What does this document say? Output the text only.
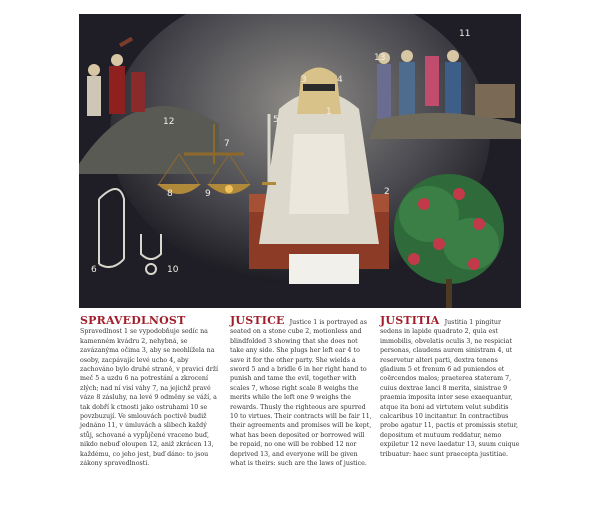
1
2
3	4
5
6
7
8	9
10
11
12
13
SPRAVEDLNOST Spravedlnost 1 se vypodobňuje sedíc na kamenném kvádru 2, nehybná, se zavázanýma očima 3, aby se neohlížela na osoby, zacpávajíc levé ucho 4, aby zachováno bylo druhé straně, v pravici drží meč 5 a uzdu 6 na potrestání a zkrocení zlých; nad ní visí váhy 7, na jejichž pravé váze 8 zásluhy, na levé 9 odměny se váží, a tak dobří k ctnosti jako ostruhami 10 se povzbuzují. Ve smlouvách poctivě budiž jednáno 11, v úmluvách a slibech každý stůj, schované a vypůjčené vraceno buď, nikdo nebuď oloupen 12, aniž zkrácen 13, každému, co jeho jest, buď dáno: to jsou zákony spravedlnosti.
JUSTICE Justice 1 is portrayed as seated on a stone cube 2, motionless and blindfolded 3 showing that she does not take any side. She plugs her left ear 4 to save it for the other party. She wields a sword 5 and a bridle 6 in her right hand to punish and tame the evil, together with scales 7, whose right scale 8 weighs the merits while the left one 9 weighs the rewards. Thusly the righteous are spurred 10 to virtues. Their contracts will be fair 11, their agreements and promises will be kept, what has been deposited or borrowed will be repaid, no one will be robbed 12 nor deprived 13, and everyone will be given what is theirs: such are the laws of justice.
JUSTITIA Justitia 1 pingitur sedens in lapide quadrato 2, quia est immobilis, obvelatis oculis 3, ne respiciat personas, claudens aurem sinistram 4, ut reservetur alteri parti, dextra tenens gladium 5 et frenum 6 ad puniendos et coërcendos malos; praeterea stateram 7, cuius dextrae lanci 8 merita, sinistrae 9 praemia imposita inter sese exaequantur, atque ita boni ad virtutem velut subditis calcaribus 10 incitantur. In contractibus probe agatur 11, pactis et promissis stetur, depositum et mutuum reddatur, nemo expiletur 12 neve laedatur 13, suum cuique tribuatur: haec sunt praecepta justitiae.
